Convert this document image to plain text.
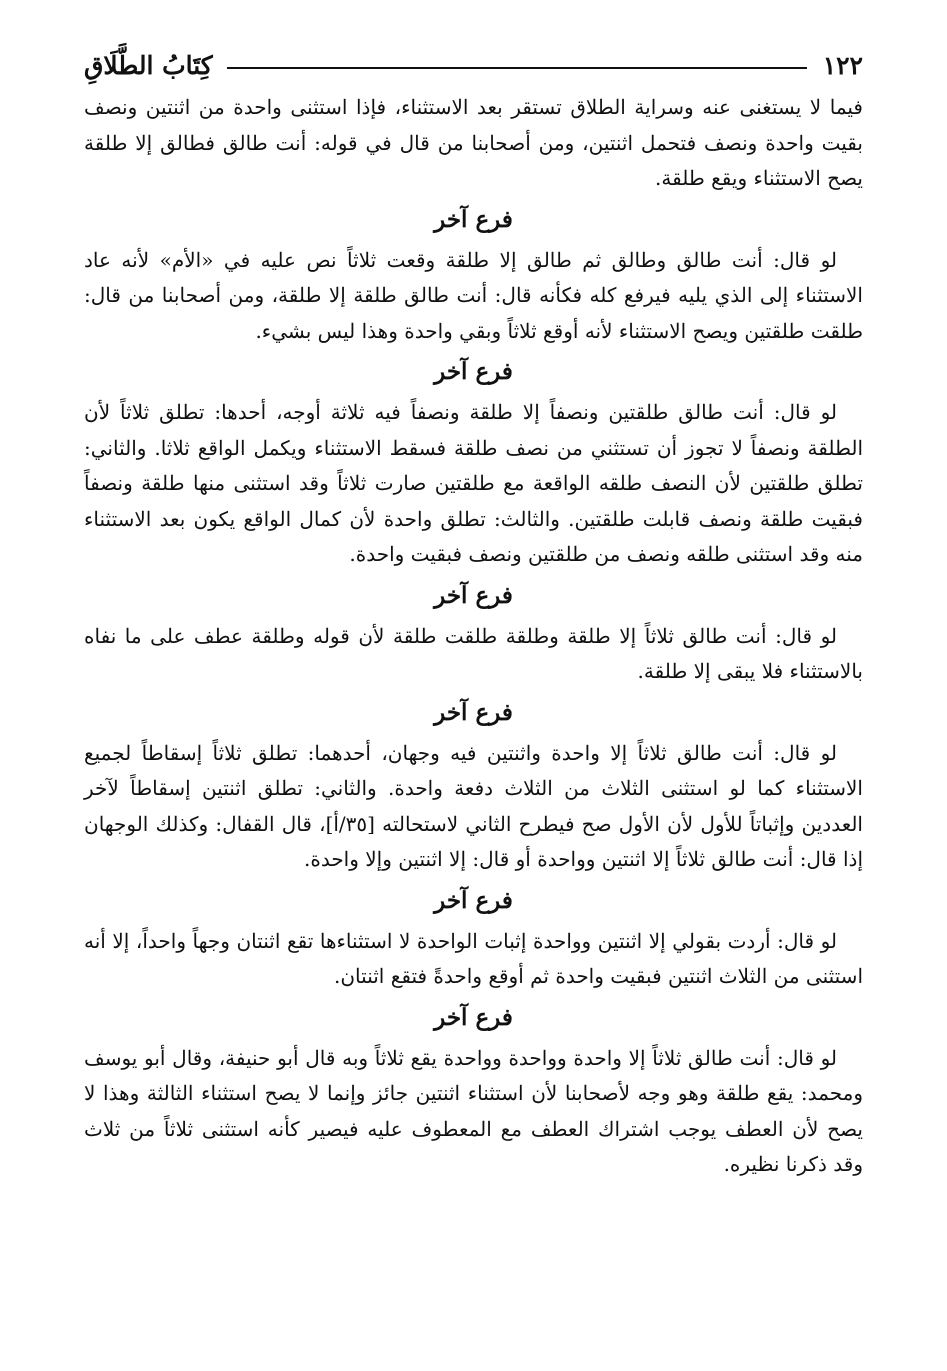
كِتَابُ الطَّلَاقِ	١٢٢

فيما لا يستغنى عنه وسراية الطلاق تستقر بعد الاستثناء، فإذا استثنى واحدة من اثنتين ونصف بقيت واحدة ونصف فتحمل اثنتين، ومن أصحابنا من قال في قوله: أنت طالق فطالق إلا طلقة يصح الاستثناء ويقع طلقة.

فرع آخر

لو قال: أنت طالق وطالق ثم طالق إلا طلقة وقعت ثلاثاً نص عليه في «الأم» لأنه عاد الاستثناء إلى الذي يليه فيرفع كله فكأنه قال: أنت طالق طلقة إلا طلقة، ومن أصحابنا من قال: طلقت طلقتين ويصح الاستثناء لأنه أوقع ثلاثاً وبقي واحدة وهذا ليس بشيء.

فرع آخر

لو قال: أنت طالق طلقتين ونصفاً إلا طلقة ونصفاً فيه ثلاثة أوجه، أحدها: تطلق ثلاثاً لأن الطلقة ونصفاً لا تجوز أن تستثني من نصف طلقة فسقط الاستثناء ويكمل الواقع ثلاثا. والثاني: تطلق طلقتين لأن النصف طلقه الواقعة مع طلقتين صارت ثلاثاً وقد استثنى منها طلقة ونصفاً فبقيت طلقة ونصف قابلت طلقتين. والثالث: تطلق واحدة لأن كمال الواقع يكون بعد الاستثناء منه وقد استثنى طلقه ونصف من طلقتين ونصف فبقيت واحدة.

فرع آخر

لو قال: أنت طالق ثلاثاً إلا طلقة وطلقة طلقت طلقة لأن قوله وطلقة عطف على ما نفاه بالاستثناء فلا يبقى إلا طلقة.

فرع آخر

لو قال: أنت طالق ثلاثاً إلا واحدة واثنتين فيه وجهان، أحدهما: تطلق ثلاثاً إسقاطاً لجميع الاستثناء كما لو استثنى الثلاث من الثلاث دفعة واحدة. والثاني: تطلق اثنتين إسقاطاً لآخر العددين وإثباتاً للأول لأن الأول صح فيطرح الثاني لاستحالته [٣٥/أ]، قال القفال: وكذلك الوجهان إذا قال: أنت طالق ثلاثاً إلا اثنتين وواحدة أو قال: إلا اثنتين وإلا واحدة.

فرع آخر

لو قال: أردت بقولي إلا اثنتين وواحدة إثبات الواحدة لا استثناءها تقع اثنتان وجهاً واحداً، إلا أنه استثنى من الثلاث اثنتين فبقيت واحدة ثم أوقع واحدةً فتقع اثنتان.

فرع آخر

لو قال: أنت طالق ثلاثاً إلا واحدة وواحدة وواحدة يقع ثلاثاً وبه قال أبو حنيفة، وقال أبو يوسف ومحمد: يقع طلقة وهو وجه لأصحابنا لأن استثناء اثنتين جائز وإنما لا يصح استثناء الثالثة وهذا لا يصح لأن العطف يوجب اشتراك العطف مع المعطوف عليه فيصير كأنه استثنى ثلاثاً من ثلاث وقد ذكرنا نظيره.
